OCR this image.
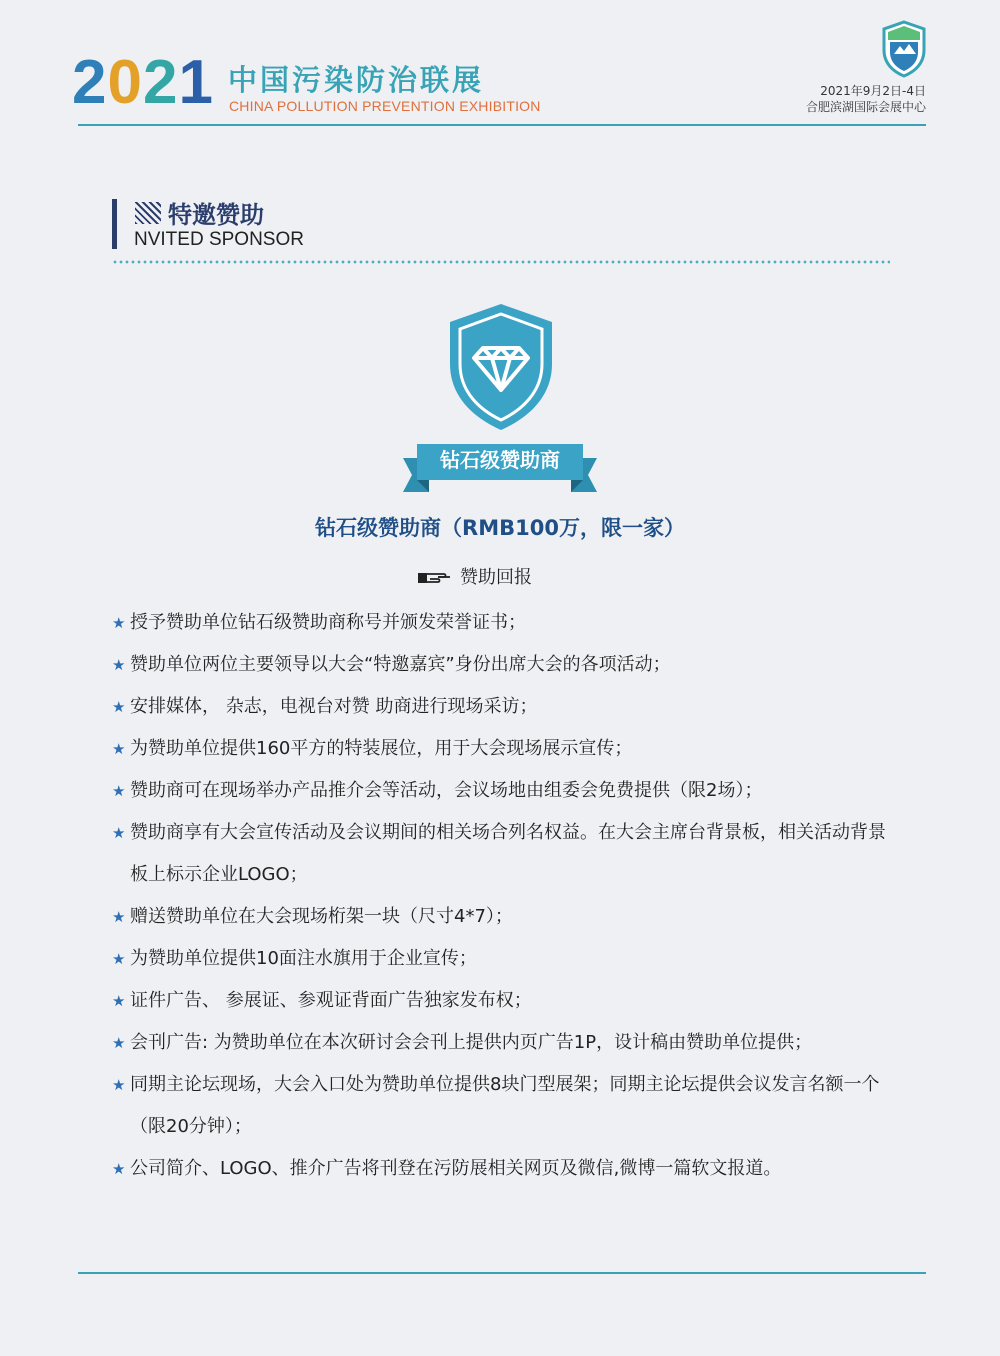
2021 中国污染防治联展
CHINA POLLUTION PREVENTION EXHIBITION
2021年9月2日-4日
合肥滨湖国际会展中心
特邀赞助
NVITED SPONSOR
钻石级赞助商
钻石级赞助商（RMB100万，限一家）
赞助回报
★ 授予赞助单位钻石级赞助商称号并颁发荣誉证书；
★ 赞助单位两位主要领导以大会“特邀嘉宾”身份出席大会的各项活动；
★ 安排媒体， 杂志，电视台对赞 助商进行现场采访；
★ 为赞助单位提供160平方的特装展位，用于大会现场展示宣传；
★ 赞助商可在现场举办产品推介会等活动，会议场地由组委会免费提供（限2场）；
★ 赞助商享有大会宣传活动及会议期间的相关场合列名权益。在大会主席台背景板，相关活动背景板上标示企业LOGO；
★ 赠送赞助单位在大会现场桁架一块（尺寸4*7）；
★ 为赞助单位提供10面注水旗用于企业宣传；
★ 证件广告、 参展证、参观证背面广告独家发布权；
★ 会刊广告: 为赞助单位在本次研讨会会刊上提供内页广告1P，设计稿由赞助单位提供；
★ 同期主论坛现场，大会入口处为赞助单位提供8块门型展架；同期主论坛提供会议发言名额一个（限20分钟）；
★ 公司简介、LOGO、推介广告将刊登在污防展相关网页及微信,微博一篇软文报道。
